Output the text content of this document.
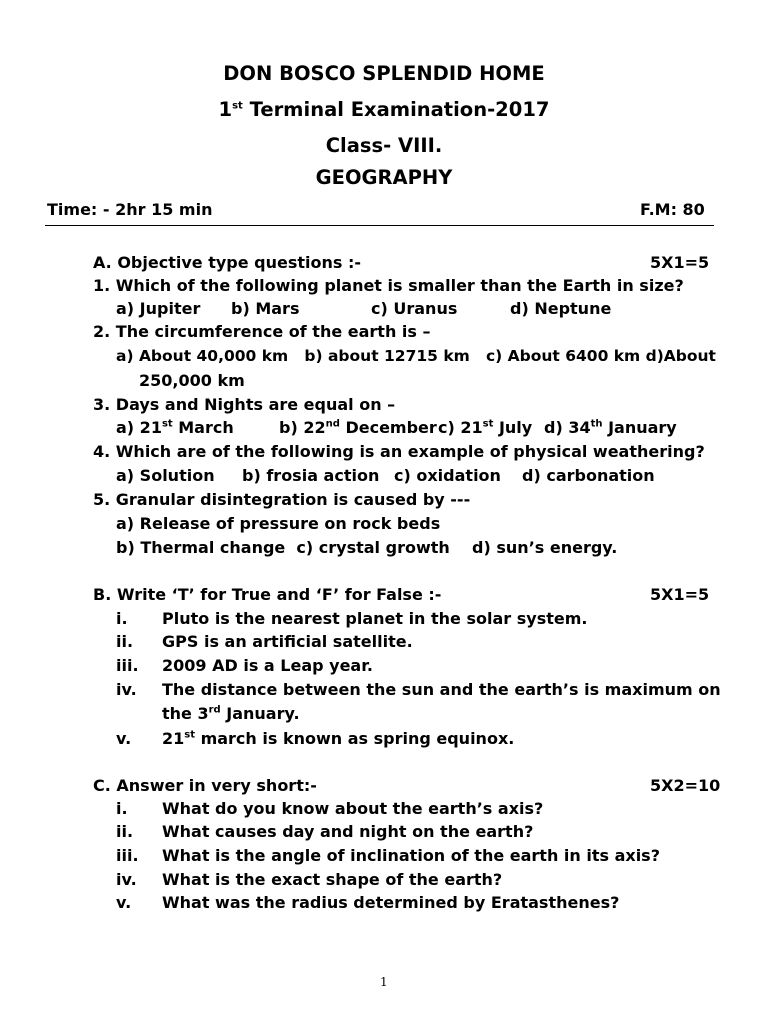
DON BOSCO SPLENDID HOME
1st Terminal Examination-2017
Class- VIII.
GEOGRAPHY
Time: - 2hr 15 min	F.M: 80
A. Objective type questions :-	5X1=5
1. Which of the following planet is smaller than the Earth in size?
a) Jupiter b) Mars	c) Uranus	d) Neptune
2. The circumference of the earth is –
a) About 40,000 km   b) about 12715 km   c) About 6400 km d)About
250,000 km
3. Days and Nights are equal on –
a) 21st March	b) 22nd December c) 21st July d) 34th January
4. Which are of the following is an example of physical weathering?
a) Solution b) frosia action c) oxidation d) carbonation
5. Granular disintegration is caused by ---
a) Release of pressure on rock beds
b) Thermal change  c) crystal growth    d) sun’s energy.
B. Write ‘T’ for True and ‘F’ for False :-	5X1=5
i. Pluto is the nearest planet in the solar system.
ii. GPS is an artificial satellite.
iii. 2009 AD is a Leap year.
iv. The distance between the sun and the earth’s is maximum on
the 3rd January.
v. 21st march is known as spring equinox.
C. Answer in very short:-	5X2=10
i. What do you know about the earth’s axis?
ii. What causes day and night on the earth?
iii. What is the angle of inclination of the earth in its axis?
iv. What is the exact shape of the earth?
v. What was the radius determined by Eratasthenes?
1
